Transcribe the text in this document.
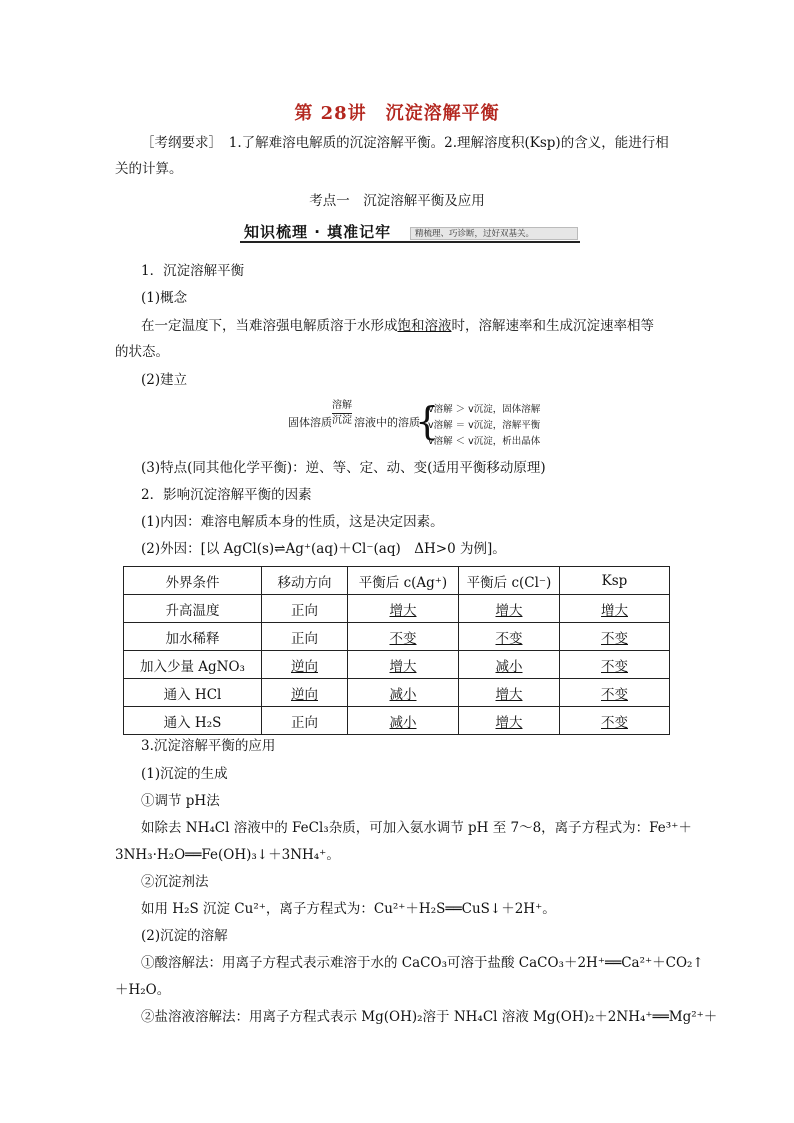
第 28讲　沉淀溶解平衡
［考纲要求］　1.了解难溶电解质的沉淀溶解平衡。2.理解溶度积(Ksp)的含义，能进行相
关的计算。
考点一　沉淀溶解平衡及应用
知识梳理 · 填准记牢	精梳理、巧诊断，过好双基关。
1．沉淀溶解平衡
(1)概念
在一定温度下，当难溶强电解质溶于水形成饱和溶液时，溶解速率和生成沉淀速率相等
的状态。
(2)建立
固体溶质
溶解
沉淀 溶液中的溶质
{
v溶解 ＞ v沉淀，固体溶解
v溶解 ＝ v沉淀，溶解平衡
v溶解 ＜ v沉淀，析出晶体
(3)特点(同其他化学平衡)：逆、等、定、动、变(适用平衡移动原理)
2．影响沉淀溶解平衡的因素
(1)内因：难溶电解质本身的性质，这是决定因素。
(2)外因：[以 AgCl(s)⇌Ag⁺(aq)＋Cl⁻(aq)　ΔH>0 为例]。
外界条件	移动方向	平衡后 c(Ag⁺)	平衡后 c(Cl⁻)	Ksp
升高温度	正向	增大	增大	增大
加水稀释	正向	不变	不变	不变
加入少量 AgNO₃	逆向	增大	减小	不变
通入 HCl	逆向	减小	增大	不变
通入 H₂S	正向	减小	增大	不变
3.沉淀溶解平衡的应用
(1)沉淀的生成
①调节 pH法
如除去 NH₄Cl 溶液中的 FeCl₃杂质，可加入氨水调节 pH 至 7～8，离子方程式为：Fe³⁺＋
3NH₃·H₂O══Fe(OH)₃↓＋3NH₄⁺。
②沉淀剂法
如用 H₂S 沉淀 Cu²⁺，离子方程式为：Cu²⁺＋H₂S══CuS↓＋2H⁺。
(2)沉淀的溶解
①酸溶解法：用离子方程式表示难溶于水的 CaCO₃可溶于盐酸 CaCO₃＋2H⁺══Ca²⁺＋CO₂↑
＋H₂O。
②盐溶液溶解法：用离子方程式表示 Mg(OH)₂溶于 NH₄Cl 溶液 Mg(OH)₂＋2NH₄⁺══Mg²⁺＋
